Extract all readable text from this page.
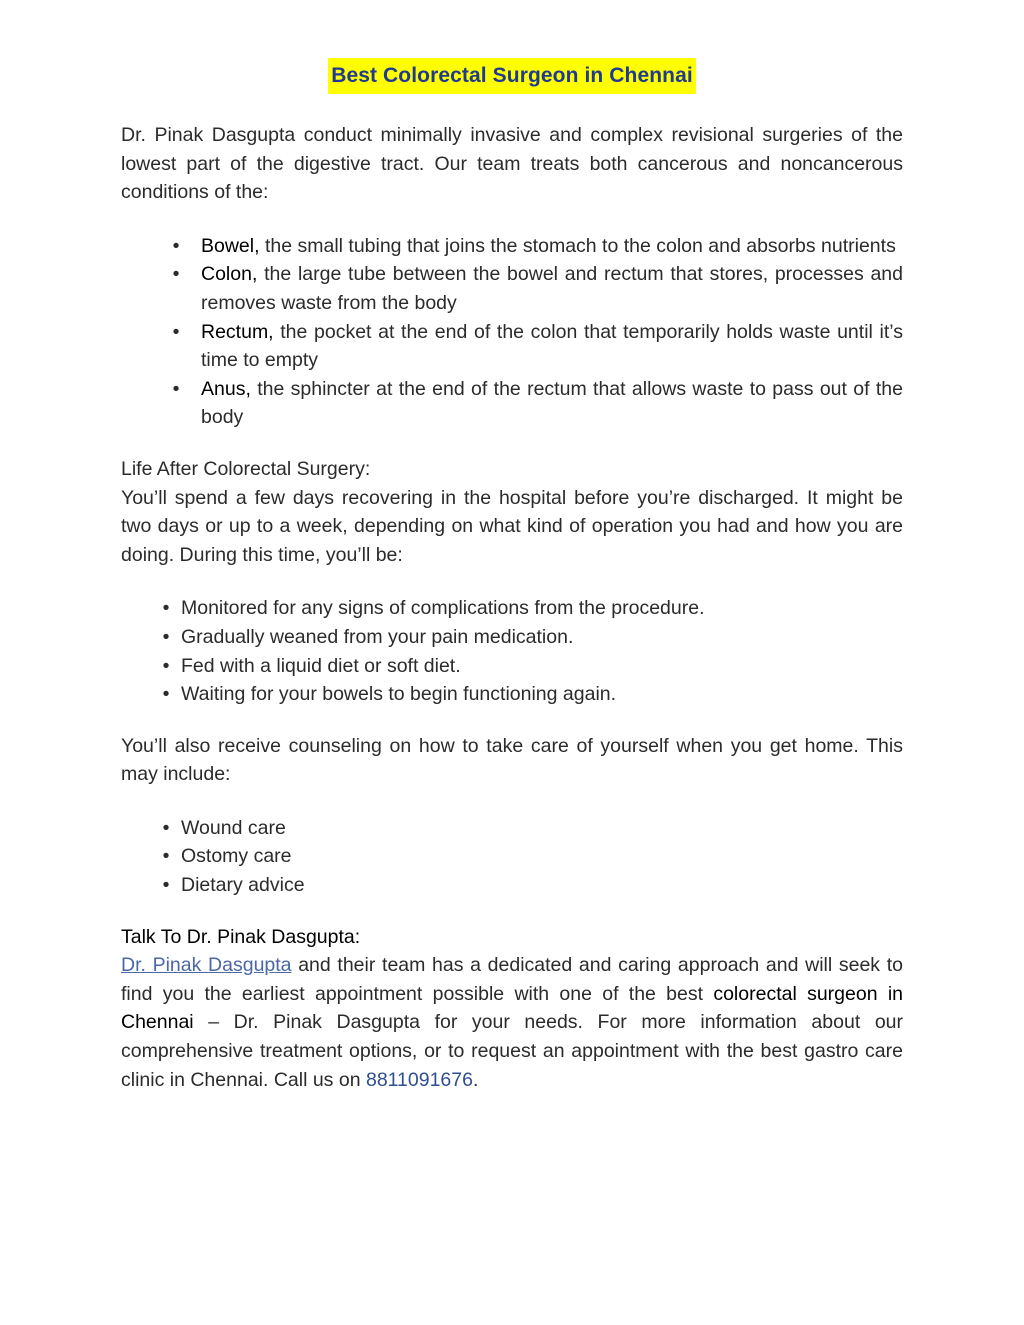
Best Colorectal Surgeon in Chennai

Dr. Pinak Dasgupta conduct minimally invasive and complex revisional surgeries of the lowest part of the digestive tract. Our team treats both cancerous and noncancerous conditions of the:

• Bowel, the small tubing that joins the stomach to the colon and absorbs nutrients
• Colon, the large tube between the bowel and rectum that stores, processes and removes waste from the body
• Rectum, the pocket at the end of the colon that temporarily holds waste until it’s time to empty
• Anus, the sphincter at the end of the rectum that allows waste to pass out of the body

Life After Colorectal Surgery:

You’ll spend a few days recovering in the hospital before you’re discharged. It might be two days or up to a week, depending on what kind of operation you had and how you are doing. During this time, you’ll be:

• Monitored for any signs of complications from the procedure.
• Gradually weaned from your pain medication.
• Fed with a liquid diet or soft diet.
• Waiting for your bowels to begin functioning again.

You’ll also receive counseling on how to take care of yourself when you get home. This may include:

• Wound care
• Ostomy care
• Dietary advice

Talk To Dr. Pinak Dasgupta:

Dr. Pinak Dasgupta and their team has a dedicated and caring approach and will seek to find you the earliest appointment possible with one of the best colorectal surgeon in Chennai – Dr. Pinak Dasgupta for your needs. For more information about our comprehensive treatment options, or to request an appointment with the best gastro care clinic in Chennai. Call us on 8811091676.
